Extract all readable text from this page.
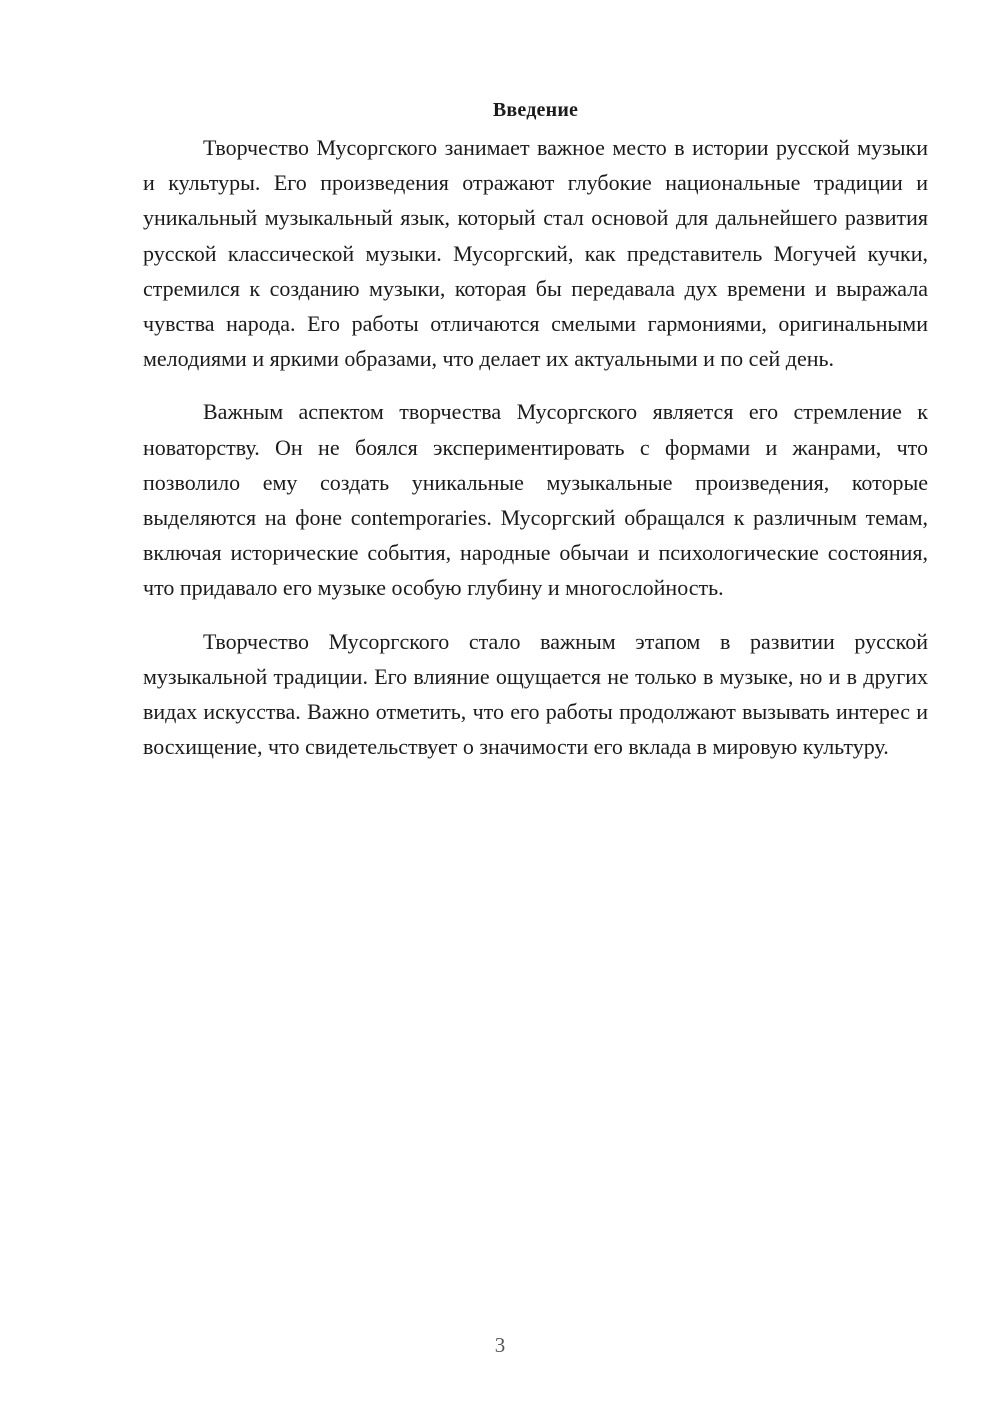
Введение

Творчество Мусоргского занимает важное место в истории русской музыки и культуры. Его произведения отражают глубокие национальные традиции и уникальный музыкальный язык, который стал основой для дальнейшего развития русской классической музыки. Мусоргский, как представитель Могучей кучки, стремился к созданию музыки, которая бы передавала дух времени и выражала чувства народа. Его работы отличаются смелыми гармониями, оригинальными мелодиями и яркими образами, что делает их актуальными и по сей день.

Важным аспектом творчества Мусоргского является его стремление к новаторству. Он не боялся экспериментировать с формами и жанрами, что позволило ему создать уникальные музыкальные произведения, которые выделяются на фоне contemporaries. Мусоргский обращался к различным темам, включая исторические события, народные обычаи и психологические состояния, что придавало его музыке особую глубину и многослойность.

Творчество Мусоргского стало важным этапом в развитии русской музыкальной традиции. Его влияние ощущается не только в музыке, но и в других видах искусства. Важно отметить, что его работы продолжают вызывать интерес и восхищение, что свидетельствует о значимости его вклада в мировую культуру.

3
